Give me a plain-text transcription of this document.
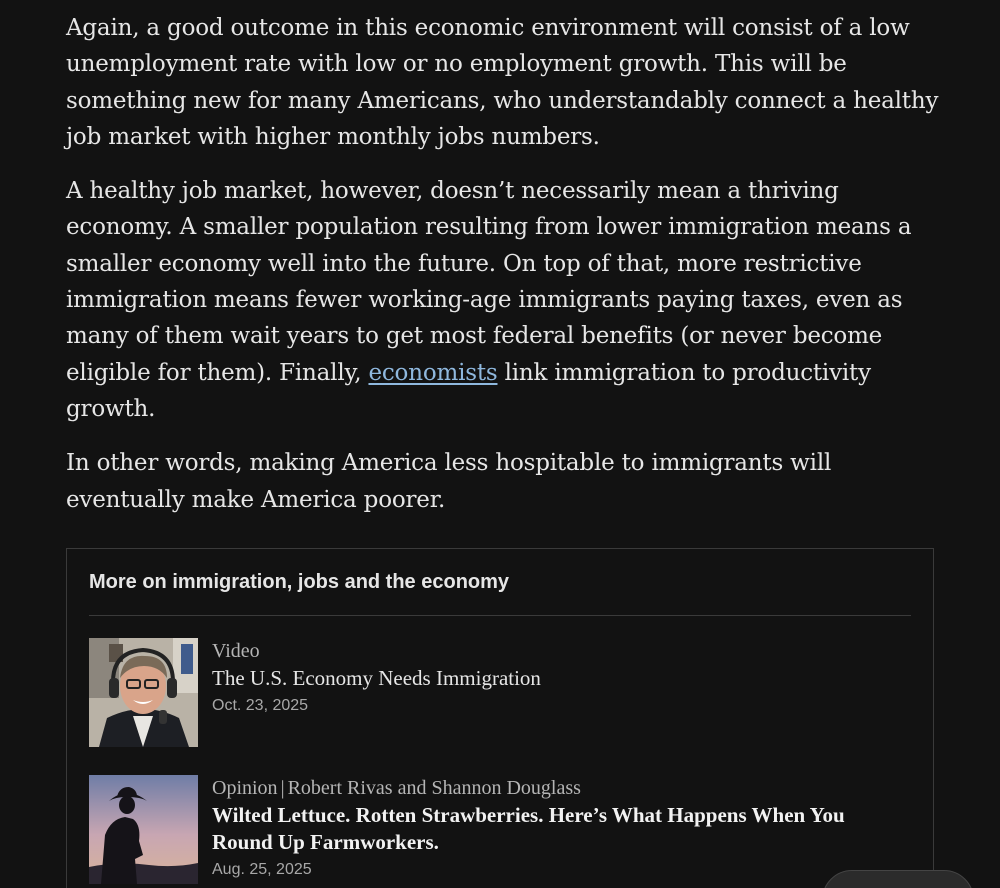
Again, a good outcome in this economic environment will consist of a low unemployment rate with low or no employment growth. This will be something new for many Americans, who understandably connect a healthy job market with higher monthly jobs numbers.

A healthy job market, however, doesn’t necessarily mean a thriving economy. A smaller population resulting from lower immigration means a smaller economy well into the future. On top of that, more restrictive immigration means fewer working-age immigrants paying taxes, even as many of them wait years to get most federal benefits (or never become eligible for them). Finally, economists link immigration to productivity growth.

In other words, making America less hospitable to immigrants will eventually make America poorer.

More on immigration, jobs and the economy
Video
The U.S. Economy Needs Immigration
Oct. 23, 2025
Opinion | Robert Rivas and Shannon Douglass
Wilted Lettuce. Rotten Strawberries. Here’s What Happens When You Round Up Farmworkers.
Aug. 25, 2025
